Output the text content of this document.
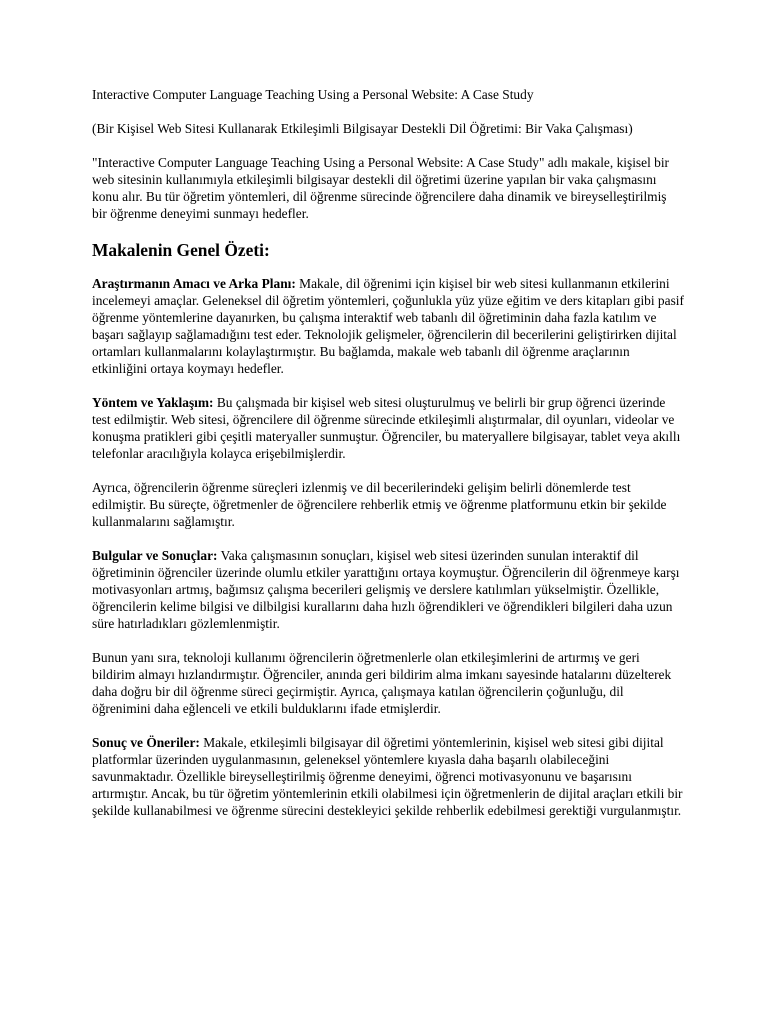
Interactive Computer Language Teaching Using a Personal Website: A Case Study

(Bir Kişisel Web Sitesi Kullanarak Etkileşimli Bilgisayar Destekli Dil Öğretimi: Bir Vaka Çalışması)

"Interactive Computer Language Teaching Using a Personal Website: A Case Study" adlı makale, kişisel bir web sitesinin kullanımıyla etkileşimli bilgisayar destekli dil öğretimi üzerine yapılan bir vaka çalışmasını konu alır. Bu tür öğretim yöntemleri, dil öğrenme sürecinde öğrencilere daha dinamik ve bireyselleştirilmiş bir öğrenme deneyimi sunmayı hedefler.

Makalenin Genel Özeti:

Araştırmanın Amacı ve Arka Planı: Makale, dil öğrenimi için kişisel bir web sitesi kullanmanın etkilerini incelemeyi amaçlar. Geleneksel dil öğretim yöntemleri, çoğunlukla yüz yüze eğitim ve ders kitapları gibi pasif öğrenme yöntemlerine dayanırken, bu çalışma interaktif web tabanlı dil öğretiminin daha fazla katılım ve başarı sağlayıp sağlamadığını test eder. Teknolojik gelişmeler, öğrencilerin dil becerilerini geliştirirken dijital ortamları kullanmalarını kolaylaştırmıştır. Bu bağlamda, makale web tabanlı dil öğrenme araçlarının etkinliğini ortaya koymayı hedefler.

Yöntem ve Yaklaşım: Bu çalışmada bir kişisel web sitesi oluşturulmuş ve belirli bir grup öğrenci üzerinde test edilmiştir. Web sitesi, öğrencilere dil öğrenme sürecinde etkileşimli alıştırmalar, dil oyunları, videolar ve konuşma pratikleri gibi çeşitli materyaller sunmuştur. Öğrenciler, bu materyallere bilgisayar, tablet veya akıllı telefonlar aracılığıyla kolayca erişebilmişlerdir.

Ayrıca, öğrencilerin öğrenme süreçleri izlenmiş ve dil becerilerindeki gelişim belirli dönemlerde test edilmiştir. Bu süreçte, öğretmenler de öğrencilere rehberlik etmiş ve öğrenme platformunu etkin bir şekilde kullanmalarını sağlamıştır.

Bulgular ve Sonuçlar: Vaka çalışmasının sonuçları, kişisel web sitesi üzerinden sunulan interaktif dil öğretiminin öğrenciler üzerinde olumlu etkiler yarattığını ortaya koymuştur. Öğrencilerin dil öğrenmeye karşı motivasyonları artmış, bağımsız çalışma becerileri gelişmiş ve derslere katılımları yükselmiştir. Özellikle, öğrencilerin kelime bilgisi ve dilbilgisi kurallarını daha hızlı öğrendikleri ve öğrendikleri bilgileri daha uzun süre hatırladıkları gözlemlenmiştir.

Bunun yanı sıra, teknoloji kullanımı öğrencilerin öğretmenlerle olan etkileşimlerini de artırmış ve geri bildirim almayı hızlandırmıştır. Öğrenciler, anında geri bildirim alma imkanı sayesinde hatalarını düzelterek daha doğru bir dil öğrenme süreci geçirmiştir. Ayrıca, çalışmaya katılan öğrencilerin çoğunluğu, dil öğrenimini daha eğlenceli ve etkili bulduklarını ifade etmişlerdir.

Sonuç ve Öneriler: Makale, etkileşimli bilgisayar dil öğretimi yöntemlerinin, kişisel web sitesi gibi dijital platformlar üzerinden uygulanmasının, geleneksel yöntemlere kıyasla daha başarılı olabileceğini savunmaktadır. Özellikle bireyselleştirilmiş öğrenme deneyimi, öğrenci motivasyonunu ve başarısını artırmıştır. Ancak, bu tür öğretim yöntemlerinin etkili olabilmesi için öğretmenlerin de dijital araçları etkili bir şekilde kullanabilmesi ve öğrenme sürecini destekleyici şekilde rehberlik edebilmesi gerektiği vurgulanmıştır.
